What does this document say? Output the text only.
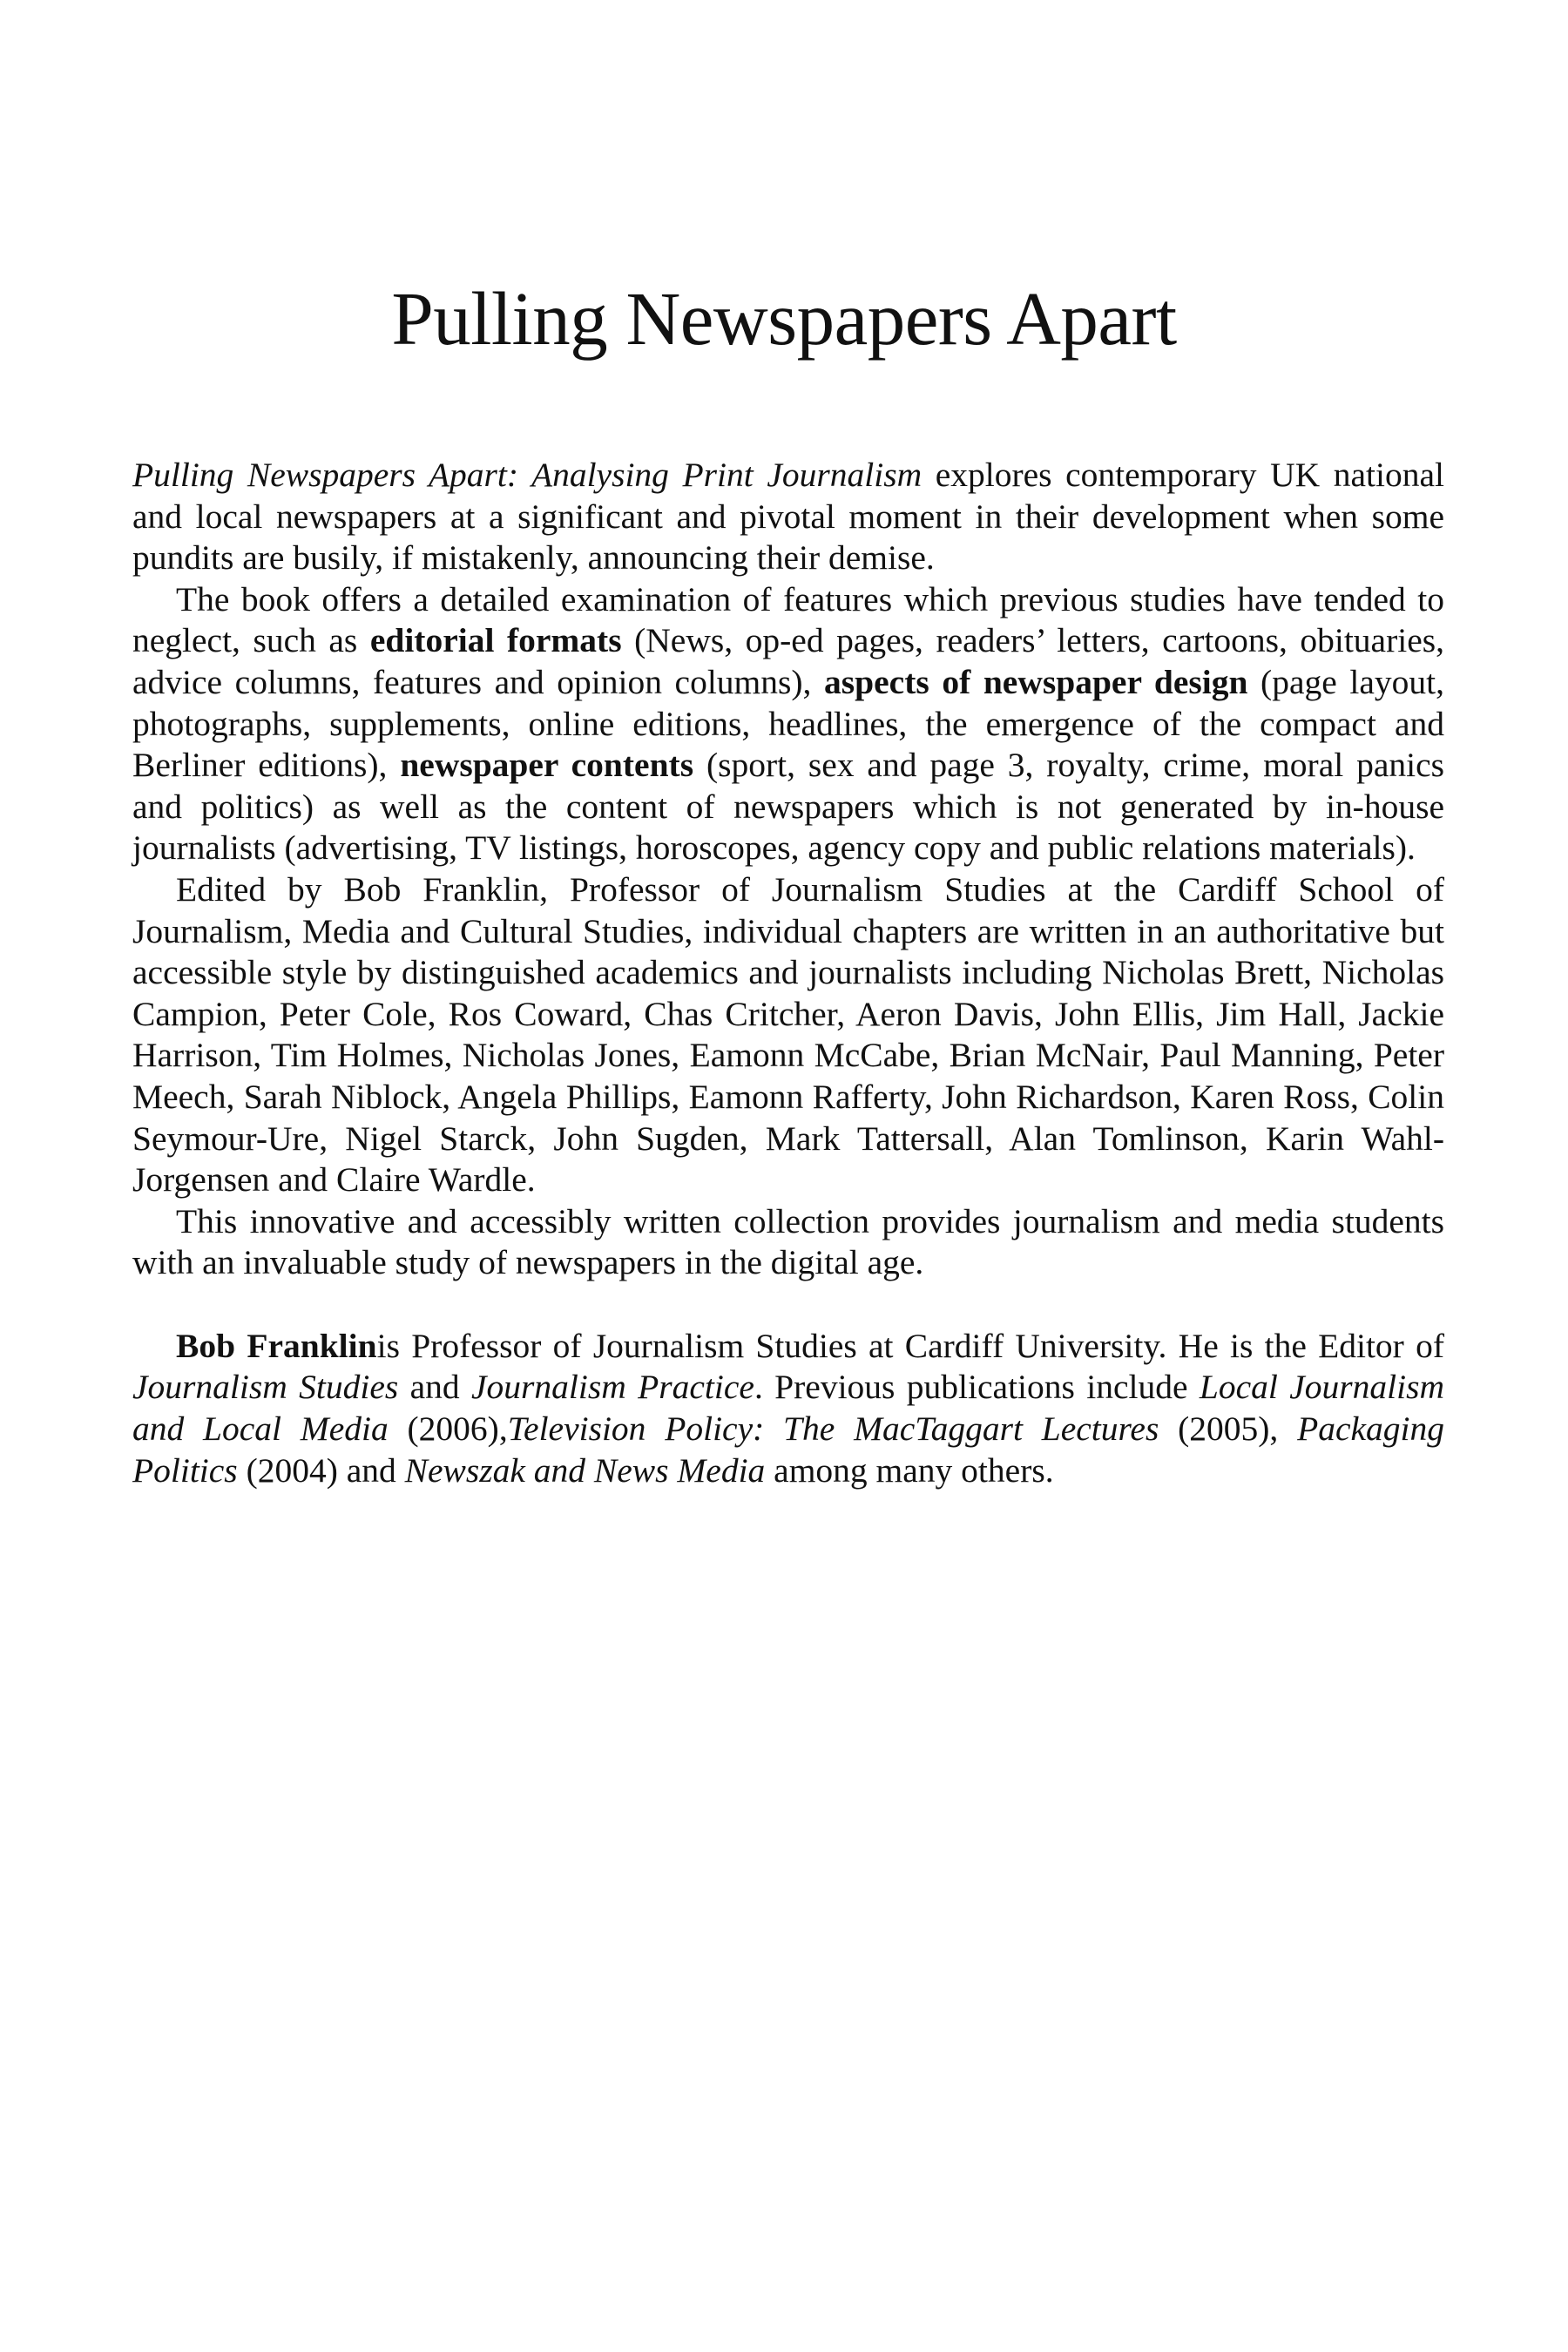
Pulling Newspapers Apart

Pulling Newspapers Apart: Analysing Print Journalism explores contemporary UK national and local newspapers at a significant and pivotal moment in their development when some pundits are busily, if mistakenly, announcing their demise.

The book offers a detailed examination of features which previous studies have tended to neglect, such as editorial formats (News, op-ed pages, readers’ letters, cartoons, obituaries, advice columns, features and opinion columns), aspects of newspaper design (page layout, photographs, supplements, online editions, headlines, the emergence of the compact and Berliner editions), newspaper contents (sport, sex and page 3, royalty, crime, moral panics and politics) as well as the content of newspapers which is not generated by in-house journalists (advertising, TV listings, horoscopes, agency copy and public relations materials).

Edited by Bob Franklin, Professor of Journalism Studies at the Cardiff School of Journalism, Media and Cultural Studies, individual chapters are written in an authoritative but accessible style by distinguished academics and journalists including Nicholas Brett, Nicholas Campion, Peter Cole, Ros Coward, Chas Critcher, Aeron Davis, John Ellis, Jim Hall, Jackie Harrison, Tim Holmes, Nicholas Jones, Eamonn McCabe, Brian McNair, Paul Manning, Peter Meech, Sarah Niblock, Angela Phillips, Eamonn Rafferty, John Richardson, Karen Ross, Colin Seymour-Ure, Nigel Starck, John Sugden, Mark Tattersall, Alan Tomlinson, Karin Wahl-Jorgensen and Claire Wardle.

This innovative and accessibly written collection provides journalism and media students with an invaluable study of newspapers in the digital age.

Bob Franklinis Professor of Journalism Studies at Cardiff University. He is the Editor of Journalism Studies and Journalism Practice. Previous publications include Local Journalism and Local Media (2006),Television Policy: The MacTaggart Lectures (2005), Packaging Politics (2004) and Newszak and News Media among many others.
